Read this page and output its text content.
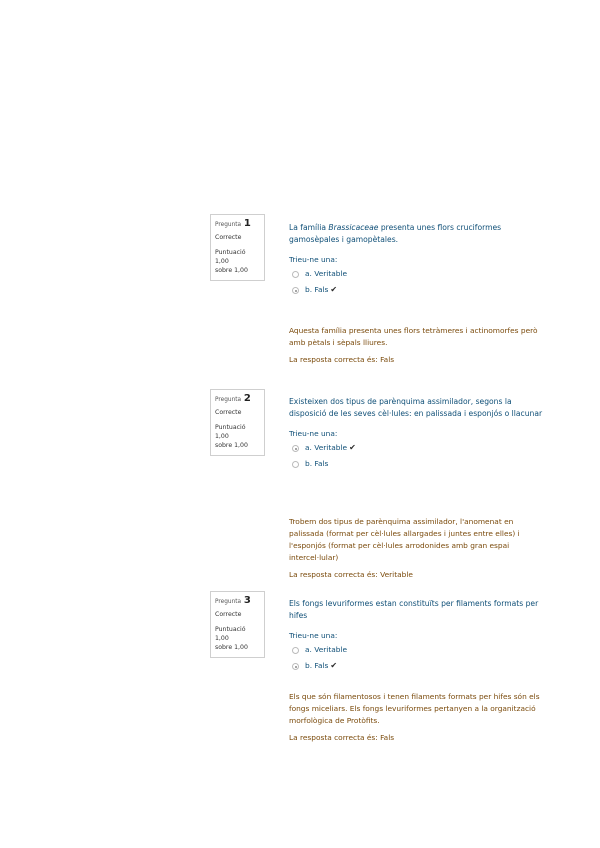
Pregunta 1
Correcte
Puntuació 1,00
sobre 1,00
La família Brassicaceae presenta unes flors cruciformes gamosèpales i gamopètales.
Trieu-ne una:
a. Veritable
b. Fals ✔
Aquesta família presenta unes flors tetràmeres i actinomorfes però amb pètals i sèpals lliures.
La resposta correcta és: Fals
Pregunta 2
Correcte
Puntuació 1,00
sobre 1,00
Existeixen dos tipus de parènquima assimilador, segons la disposició de les seves cèl·lules: en palissada i esponjós o llacunar
Trieu-ne una:
a. Veritable ✔
b. Fals
Trobem dos tipus de parènquima assimilador, l'anomenat en palissada (format per cèl·lules allargades i juntes entre elles) i l'esponjós (format per cèl·lules arrodonides amb gran espai intercel·lular)
La resposta correcta és: Veritable
Pregunta 3
Correcte
Puntuació 1,00
sobre 1,00
Els fongs levuriformes estan constituïts per filaments formats per hifes
Trieu-ne una:
a. Veritable
b. Fals ✔
Els que són filamentosos i tenen filaments formats per hifes són els fongs miceliars. Els fongs levuriformes pertanyen a la organització morfològica de Protòfits.
La resposta correcta és: Fals
